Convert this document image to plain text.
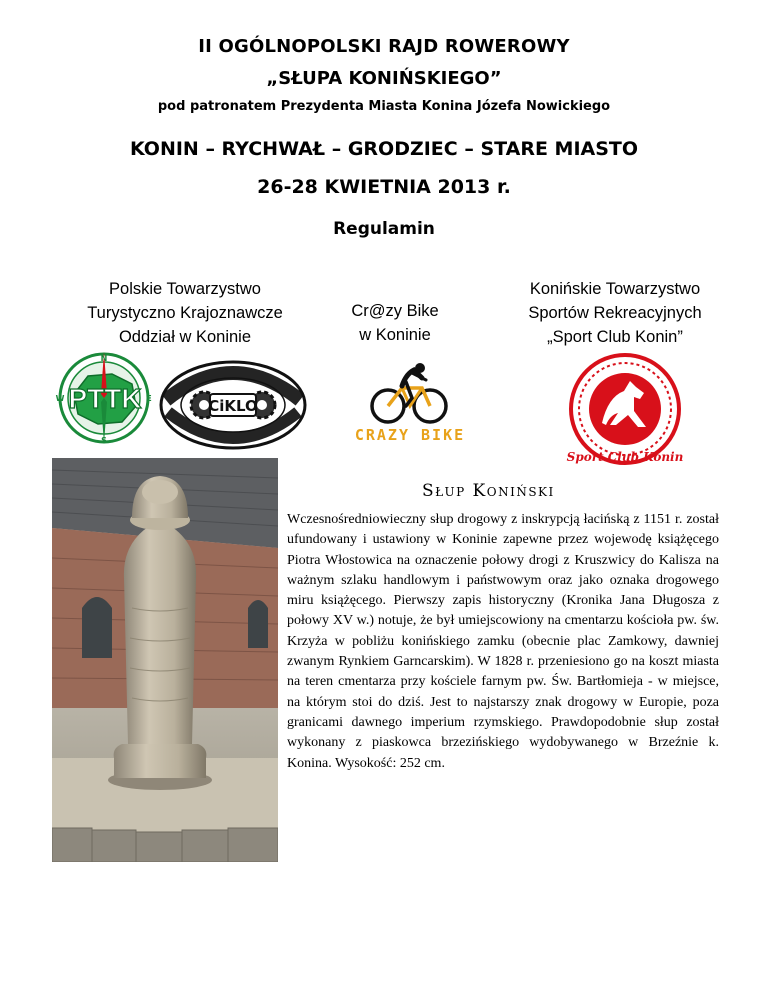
II OGÓLNOPOLSKI RAJD ROWEROWY
„SŁUPA KONIŃSKIEGO”
pod patronatem Prezydenta Miasta Konina Józefa Nowickiego
KONIN – RYCHWAŁ – GRODZIEC – STARE MIASTO
26-28 KWIETNIA 2013 r.
Regulamin
Polskie Towarzystwo
Turystyczno Krajoznawcze
Oddział w Koninie
Cr@zy Bike
w Koninie
Konińskie Towarzystwo
Sportów Rekreacyjnych
„Sport Club Konin”
N
E
S
W PTTK	CiKLO
CRAZY BIKE
Sport Club Konin
Słup Koniński

Wczesnośredniowieczny słup drogowy z inskrypcją łacińską z 1151 r. został ufundowany i ustawiony w Koninie zapewne przez wojewodę książęcego Piotra Włostowica na oznaczenie połowy drogi z Kruszwicy do Kalisza na ważnym szlaku handlowym i państwowym oraz jako oznaka drogowego miru książęcego. Pierwszy zapis historyczny (Kronika Jana Długosza z połowy XV w.) notuje, że był umiejscowiony na cmentarzu kościoła pw. św. Krzyża w pobliżu konińskiego zamku (obecnie plac Zamkowy, dawniej zwanym Rynkiem Garncarskim). W 1828 r. przeniesiono go na koszt miasta na teren cmentarza przy kościele farnym pw. Św. Bartłomieja - w miejsce, na którym stoi do dziś. Jest to najstarszy znak drogowy w Europie, poza granicami dawnego imperium rzymskiego. Prawdopodobnie słup został wykonany z piaskowca brzezińskiego wydobywanego w Brzeźnie k. Konina. Wysokość: 252 cm.
